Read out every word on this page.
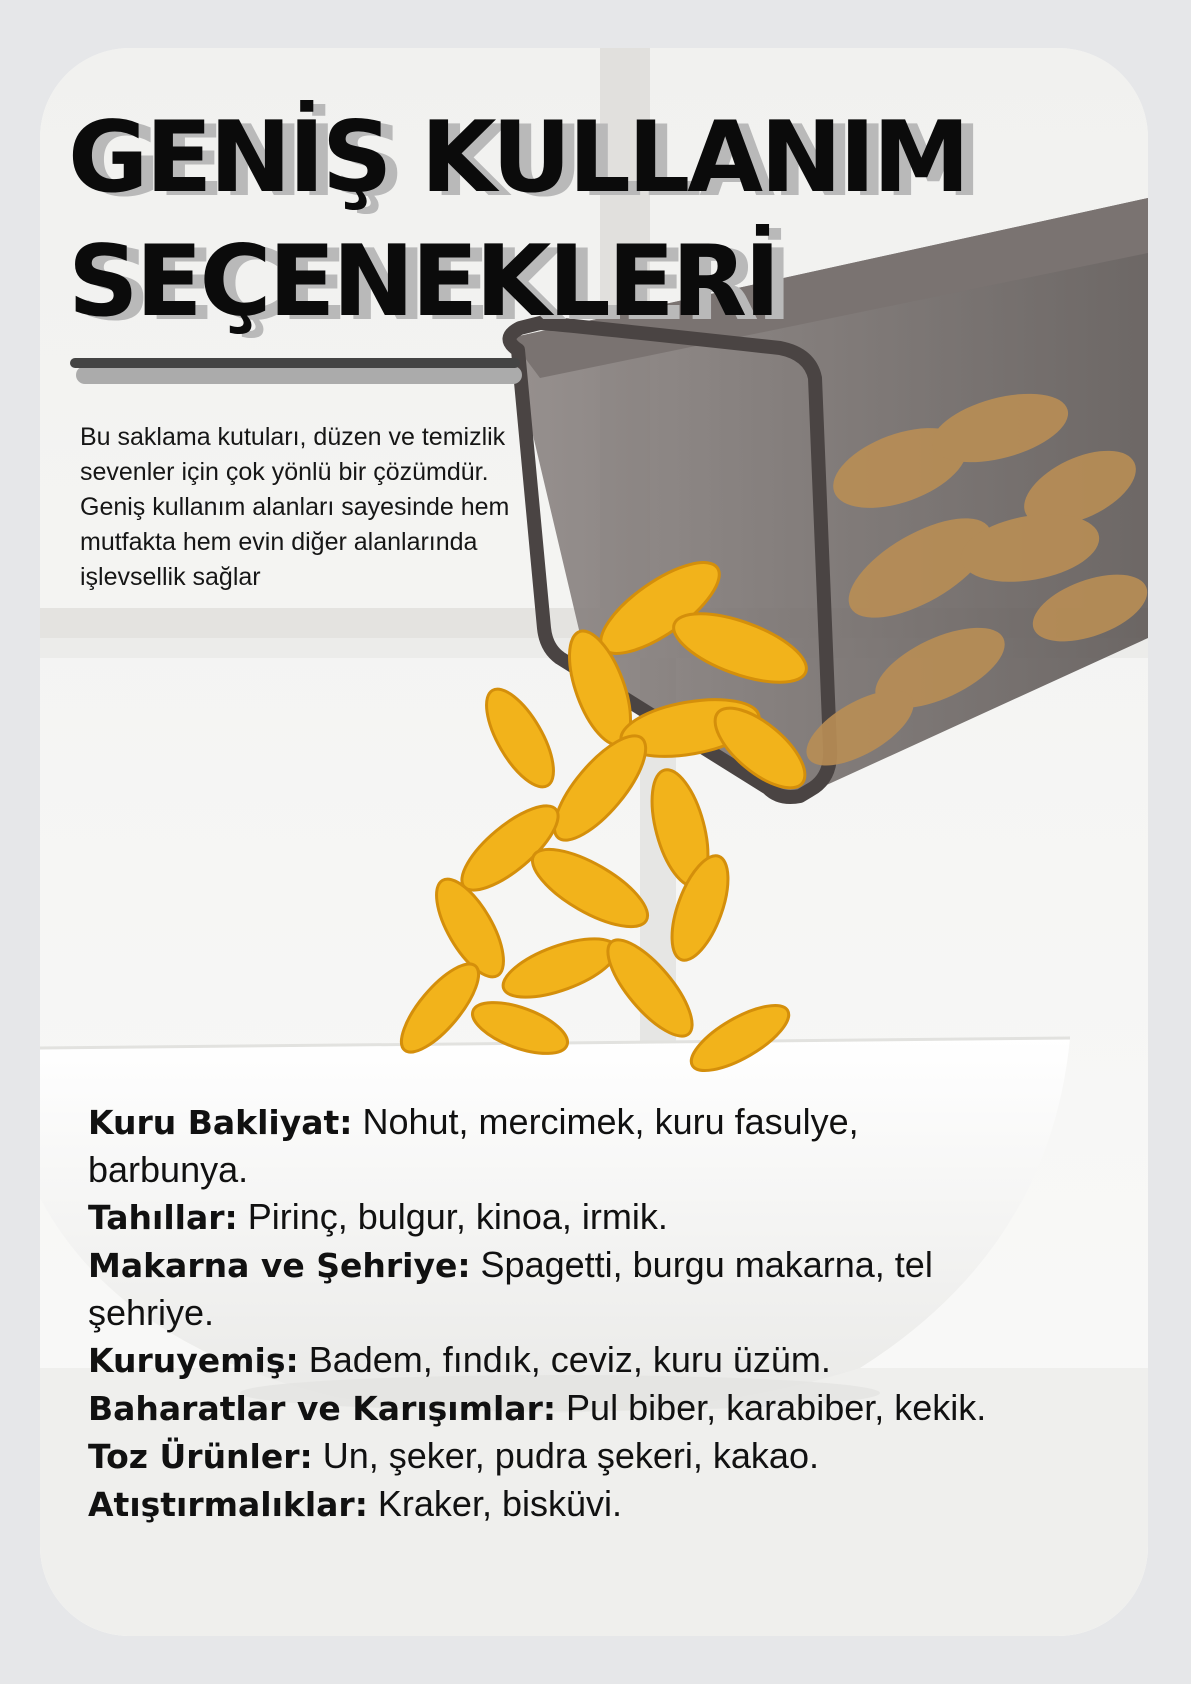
GENİŞ KULLANIM
SEÇENEKLERİ

Bu saklama kutuları, düzen ve temizlik sevenler için çok yönlü bir çözümdür. Geniş kullanım alanları sayesinde hem mutfakta hem evin diğer alanlarında işlevsellik sağlar

Kuru Bakliyat: Nohut, mercimek, kuru fasulye, barbunya.
Tahıllar: Pirinç, bulgur, kinoa, irmik.
Makarna ve Şehriye: Spagetti, burgu makarna, tel şehriye.
Kuruyemiş: Badem, fındık, ceviz, kuru üzüm.
Baharatlar ve Karışımlar: Pul biber, karabiber, kekik.
Toz Ürünler: Un, şeker, pudra şekeri, kakao.
Atıştırmalıklar: Kraker, bisküvi.
